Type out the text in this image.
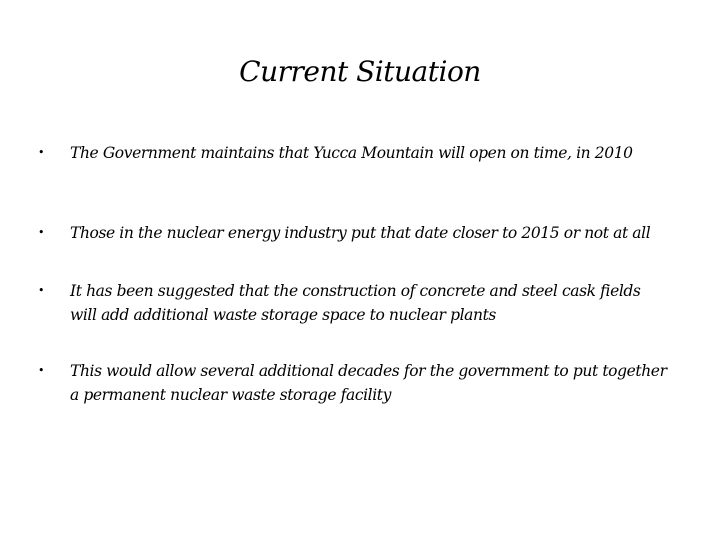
Current Situation
• The Government maintains that Yucca Mountain will open on time, in 2010
• Those in the nuclear energy industry put that date closer to 2015 or not at all
• It has been suggested that the construction of concrete and steel cask fields will add additional waste storage space to nuclear plants
• This would allow several additional decades for the government to put together a permanent nuclear waste storage facility
